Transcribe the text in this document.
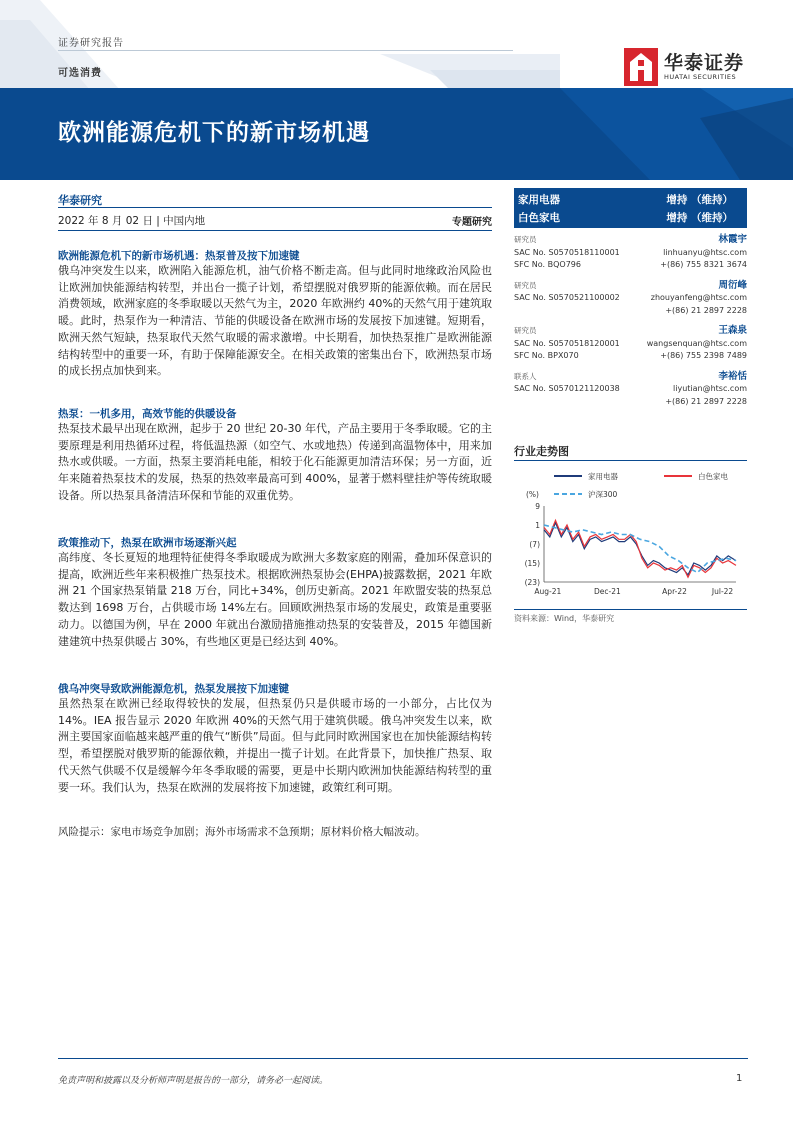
证券研究报告
可选消费	华泰证券
HUATAI SECURITIES
欧洲能源危机下的新市场机遇
华泰研究
2022 年 8 月 02 日 | 中国内地	专题研究
欧洲能源危机下的新市场机遇：热泵普及按下加速键
俄乌冲突发生以来，欧洲陷入能源危机，油气价格不断走高。但与此同时地缘政治风险也让欧洲加快能源结构转型，并出台一揽子计划，希望摆脱对俄罗斯的能源依赖。而在居民消费领域，欧洲家庭的冬季取暖以天然气为主，2020 年欧洲约 40%的天然气用于建筑取暖。此时，热泵作为一种清洁、节能的供暖设备在欧洲市场的发展按下加速键。短期看，欧洲天然气短缺，热泵取代天然气取暖的需求激增。中长期看，加快热泵推广是欧洲能源结构转型中的重要一环，有助于保障能源安全。在相关政策的密集出台下，欧洲热泵市场的成长拐点加快到来。
热泵：一机多用，高效节能的供暖设备
热泵技术最早出现在欧洲，起步于 20 世纪 20-30 年代，产品主要用于冬季取暖。它的主要原理是利用热循环过程，将低温热源（如空气、水或地热）传递到高温物体中，用来加热水或供暖。一方面，热泵主要消耗电能，相较于化石能源更加清洁环保；另一方面，近年来随着热泵技术的发展，热泵的热效率最高可到 400%，显著于燃料壁挂炉等传统取暖设备。所以热泵具备清洁环保和节能的双重优势。
政策推动下，热泵在欧洲市场逐渐兴起
高纬度、冬长夏短的地理特征使得冬季取暖成为欧洲大多数家庭的刚需，叠加环保意识的提高，欧洲近些年来积极推广热泵技术。根据欧洲热泵协会(EHPA)披露数据，2021 年欧洲 21 个国家热泵销量 218 万台，同比+34%，创历史新高。2021 年欧盟安装的热泵总数达到 1698 万台，占供暖市场 14%左右。回顾欧洲热泵市场的发展史，政策是重要驱动力。以德国为例，早在 2000 年就出台激励措施推动热泵的安装普及，2015 年德国新建建筑中热泵供暖占 30%，有些地区更是已经达到 40%。
俄乌冲突导致欧洲能源危机，热泵发展按下加速键
虽然热泵在欧洲已经取得较快的发展，但热泵仍只是供暖市场的一小部分，占比仅为 14%。IEA 报告显示 2020 年欧洲 40%的天然气用于建筑供暖。俄乌冲突发生以来，欧洲主要国家面临越来越严重的俄气“断供”局面。但与此同时欧洲国家也在加快能源结构转型，希望摆脱对俄罗斯的能源依赖，并提出一揽子计划。在此背景下，加快推广热泵、取代天然气供暖不仅是缓解今年冬季取暖的需要，更是中长期内欧洲加快能源结构转型的重要一环。我们认为，热泵在欧洲的发展将按下加速键，政策红利可期。
风险提示：家电市场竞争加剧；海外市场需求不急预期；原材料价格大幅波动。
家用电器	增持 （维持）
白色家电	增持 （维持）
研究员	林霞宇
SAC No. S0570518110001	linhuanyu@htsc.com
SFC No. BQO796	+(86) 755 8321 3674
研究员	周衍峰
SAC No. S0570521100002	zhouyanfeng@htsc.com
+(86) 21 2897 2228
研究员	王森泉
SAC No. S0570518120001	wangsenquan@htsc.com
SFC No. BPX070	+(86) 755 2398 7489
联系人	李裕恬
SAC No. S0570121120038	liyutian@htsc.com
+(86) 21 2897 2228
行业走势图
家用电器	白色家电
沪深300
(%)
9
1
(7)
(15)
(23)
Aug-21	Dec-21	Apr-22	Jul-22
资料来源：Wind，华泰研究
免责声明和披露以及分析师声明是报告的一部分，请务必一起阅读。	1
